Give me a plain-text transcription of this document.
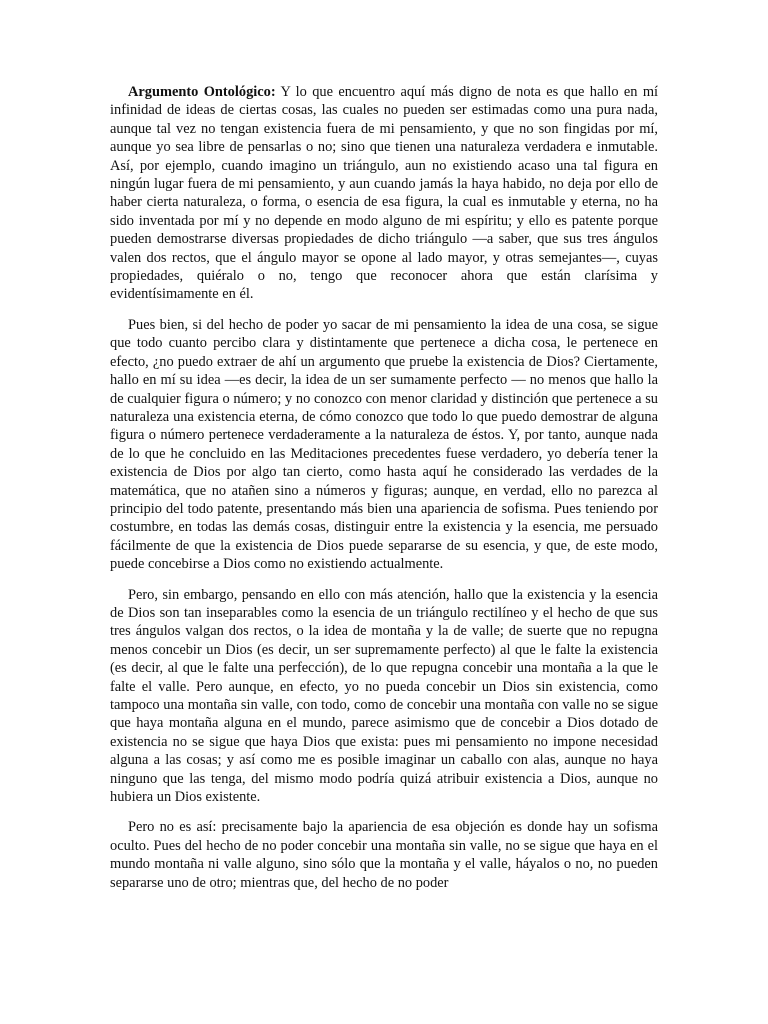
Argumento Ontológico: Y lo que encuentro aquí más digno de nota es que hallo en mí infinidad de ideas de ciertas cosas, las cuales no pueden ser estimadas como una pura nada, aunque tal vez no tengan existencia fuera de mi pensamiento, y que no son fingidas por mí, aunque yo sea libre de pensarlas o no; sino que tienen una naturaleza verdadera e inmutable. Así, por ejemplo, cuando imagino un triángulo, aun no existiendo acaso una tal figura en ningún lugar fuera de mi pensamiento, y aun cuando jamás la haya habido, no deja por ello de haber cierta naturaleza, o forma, o esencia de esa figura, la cual es inmutable y eterna, no ha sido inventada por mí y no depende en modo alguno de mi espíritu; y ello es patente porque pueden demostrarse diversas propiedades de dicho triángulo —a saber, que sus tres ángulos valen dos rectos, que el ángulo mayor se opone al lado mayor, y otras semejantes—, cuyas propiedades, quiéralo o no, tengo que reconocer ahora que están clarísima y evidentísimamente en él.

Pues bien, si del hecho de poder yo sacar de mi pensamiento la idea de una cosa, se sigue que todo cuanto percibo clara y distintamente que pertenece a dicha cosa, le pertenece en efecto, ¿no puedo extraer de ahí un argumento que pruebe la existencia de Dios? Ciertamente, hallo en mí su idea —es decir, la idea de un ser sumamente perfecto — no menos que hallo la de cualquier figura o número; y no conozco con menor claridad y distinción que pertenece a su naturaleza una existencia eterna, de cómo conozco que todo lo que puedo demostrar de alguna figura o número pertenece verdaderamente a la naturaleza de éstos. Y, por tanto, aunque nada de lo que he concluido en las Meditaciones precedentes fuese verdadero, yo debería tener la existencia de Dios por algo tan cierto, como hasta aquí he considerado las verdades de la matemática, que no atañen sino a números y figuras; aunque, en verdad, ello no parezca al principio del todo patente, presentando más bien una apariencia de sofisma. Pues teniendo por costumbre, en todas las demás cosas, distinguir entre la existencia y la esencia, me persuado fácilmente de que la existencia de Dios puede separarse de su esencia, y que, de este modo, puede concebirse a Dios como no existiendo actualmente.

Pero, sin embargo, pensando en ello con más atención, hallo que la existencia y la esencia de Dios son tan inseparables como la esencia de un triángulo rectilíneo y el hecho de que sus tres ángulos valgan dos rectos, o la idea de montaña y la de valle; de suerte que no repugna menos concebir un Dios (es decir, un ser supremamente perfecto) al que le falte la existencia (es decir, al que le falte una perfección), de lo que repugna concebir una montaña a la que le falte el valle. Pero aunque, en efecto, yo no pueda concebir un Dios sin existencia, como tampoco una montaña sin valle, con todo, como de concebir una montaña con valle no se sigue que haya montaña alguna en el mundo, parece asimismo que de concebir a Dios dotado de existencia no se sigue que haya Dios que exista: pues mi pensamiento no impone necesidad alguna a las cosas; y así como me es posible imaginar un caballo con alas, aunque no haya ninguno que las tenga, del mismo modo podría quizá atribuir existencia a Dios, aunque no hubiera un Dios existente.

Pero no es así: precisamente bajo la apariencia de esa objeción es donde hay un sofisma oculto. Pues del hecho de no poder concebir una montaña sin valle, no se sigue que haya en el mundo montaña ni valle alguno, sino sólo que la montaña y el valle, háyalos o no, no pueden separarse uno de otro; mientras que, del hecho de no poder
